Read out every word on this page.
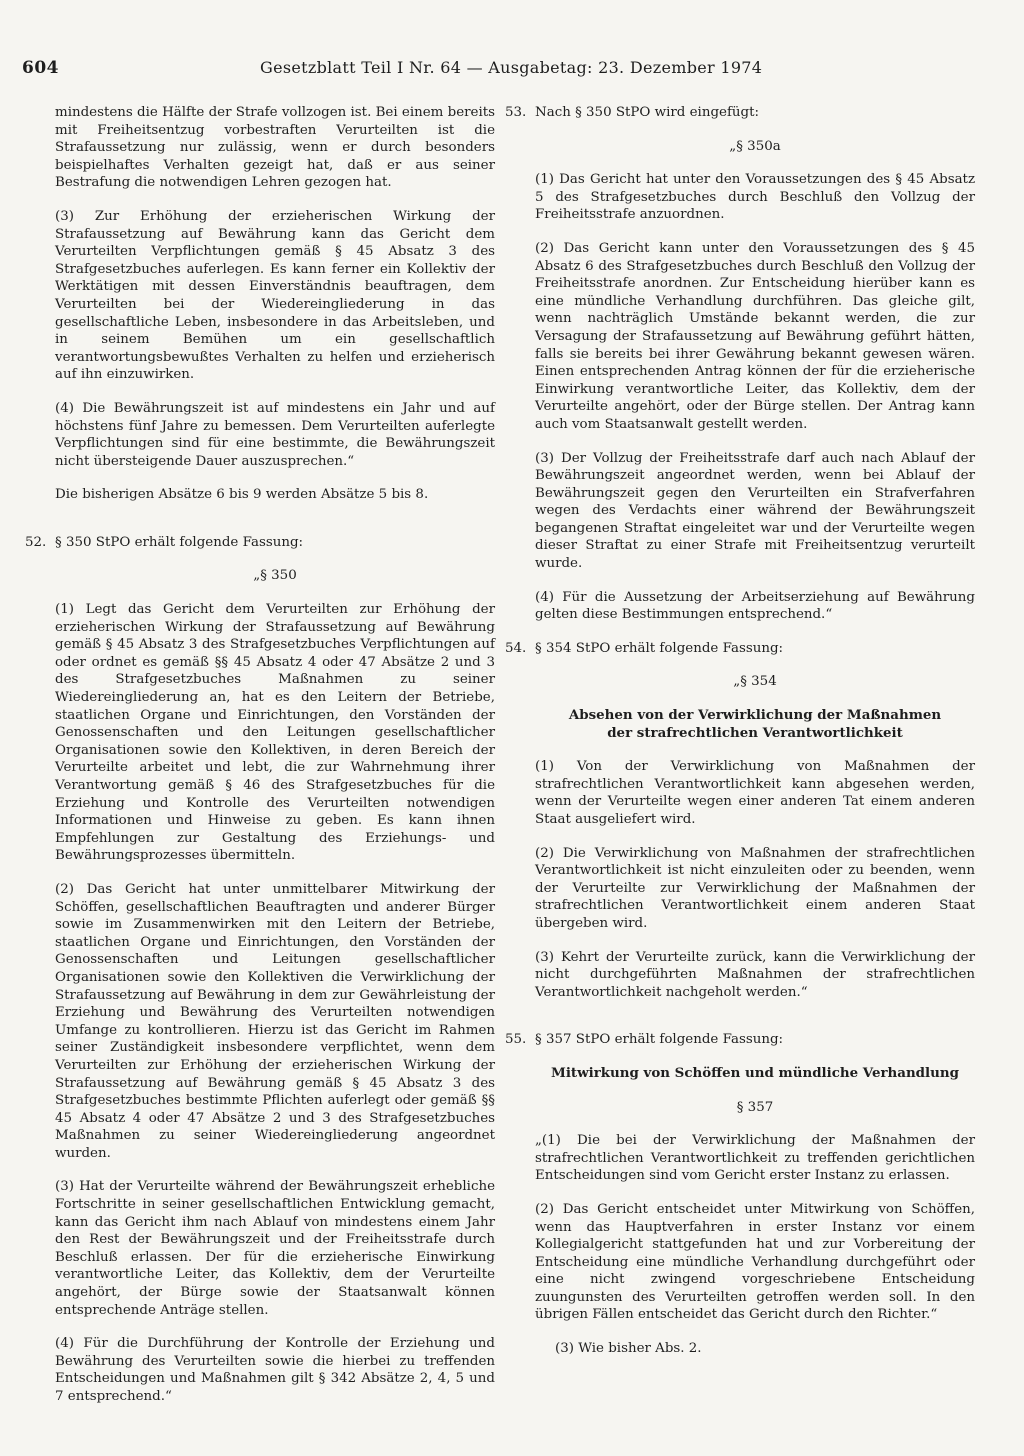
604	Gesetzblatt Teil I Nr. 64 — Ausgabetag: 23. Dezember 1974

mindestens die Hälfte der Strafe vollzogen ist. Bei einem bereits mit Freiheitsentzug vorbestraften Verurteilten ist die Strafaussetzung nur zulässig, wenn er durch besonders beispielhaftes Verhalten gezeigt hat, daß er aus seiner Bestrafung die notwendigen Lehren gezogen hat.

(3) Zur Erhöhung der erzieherischen Wirkung der Strafaussetzung auf Bewährung kann das Gericht dem Verurteilten Verpflichtungen gemäß § 45 Absatz 3 des Strafgesetzbuches auferlegen. Es kann ferner ein Kollektiv der Werktätigen mit dessen Einverständnis beauftragen, dem Verurteilten bei der Wiedereingliederung in das gesellschaftliche Leben, insbesondere in das Arbeitsleben, und in seinem Bemühen um ein gesellschaftlich verantwortungsbewußtes Verhalten zu helfen und erzieherisch auf ihn einzuwirken.

(4) Die Bewährungszeit ist auf mindestens ein Jahr und auf höchstens fünf Jahre zu bemessen. Dem Verurteilten auferlegte Verpflichtungen sind für eine bestimmte, die Bewährungszeit nicht übersteigende Dauer auszusprechen.“

Die bisherigen Absätze 6 bis 9 werden Absätze 5 bis 8.

52. § 350 StPO erhält folgende Fassung:

„§ 350

(1) Legt das Gericht dem Verurteilten zur Erhöhung der erzieherischen Wirkung der Strafaussetzung auf Bewährung gemäß § 45 Absatz 3 des Strafgesetzbuches Verpflichtungen auf oder ordnet es gemäß §§ 45 Absatz 4 oder 47 Absätze 2 und 3 des Strafgesetzbuches Maßnahmen zu seiner Wiedereingliederung an, hat es den Leitern der Betriebe, staatlichen Organe und Einrichtungen, den Vorständen der Genossenschaften und den Leitungen gesellschaftlicher Organisationen sowie den Kollektiven, in deren Bereich der Verurteilte arbeitet und lebt, die zur Wahrnehmung ihrer Verantwortung gemäß § 46 des Strafgesetzbuches für die Erziehung und Kontrolle des Verurteilten notwendigen Informationen und Hinweise zu geben. Es kann ihnen Empfehlungen zur Gestaltung des Erziehungs- und Bewährungsprozesses übermitteln.

(2) Das Gericht hat unter unmittelbarer Mitwirkung der Schöffen, gesellschaftlichen Beauftragten und anderer Bürger sowie im Zusammenwirken mit den Leitern der Betriebe, staatlichen Organe und Einrichtungen, den Vorständen der Genossenschaften und Leitungen gesellschaftlicher Organisationen sowie den Kollektiven die Verwirklichung der Strafaussetzung auf Bewährung in dem zur Gewährleistung der Erziehung und Bewährung des Verurteilten notwendigen Umfange zu kontrollieren. Hierzu ist das Gericht im Rahmen seiner Zuständigkeit insbesondere verpflichtet, wenn dem Verurteilten zur Erhöhung der erzieherischen Wirkung der Strafaussetzung auf Bewährung gemäß § 45 Absatz 3 des Strafgesetzbuches bestimmte Pflichten auferlegt oder gemäß §§ 45 Absatz 4 oder 47 Absätze 2 und 3 des Strafgesetzbuches Maßnahmen zu seiner Wiedereingliederung angeordnet wurden.

(3) Hat der Verurteilte während der Bewährungszeit erhebliche Fortschritte in seiner gesellschaftlichen Entwicklung gemacht, kann das Gericht ihm nach Ablauf von mindestens einem Jahr den Rest der Bewährungszeit und der Freiheitsstrafe durch Beschluß erlassen. Der für die erzieherische Einwirkung verantwortliche Leiter, das Kollektiv, dem der Verurteilte angehört, der Bürge sowie der Staatsanwalt können entsprechende Anträge stellen.

(4) Für die Durchführung der Kontrolle der Erziehung und Bewährung des Verurteilten sowie die hierbei zu treffenden Entscheidungen und Maßnahmen gilt § 342 Absätze 2, 4, 5 und 7 entsprechend.“

53. Nach § 350 StPO wird eingefügt:

„§ 350a

(1) Das Gericht hat unter den Voraussetzungen des § 45 Absatz 5 des Strafgesetzbuches durch Beschluß den Vollzug der Freiheitsstrafe anzuordnen.

(2) Das Gericht kann unter den Voraussetzungen des § 45 Absatz 6 des Strafgesetzbuches durch Beschluß den Vollzug der Freiheitsstrafe anordnen. Zur Entscheidung hierüber kann es eine mündliche Verhandlung durchführen. Das gleiche gilt, wenn nachträglich Umstände bekannt werden, die zur Versagung der Strafaussetzung auf Bewährung geführt hätten, falls sie bereits bei ihrer Gewährung bekannt gewesen wären. Einen entsprechenden Antrag können der für die erzieherische Einwirkung verantwortliche Leiter, das Kollektiv, dem der Verurteilte angehört, oder der Bürge stellen. Der Antrag kann auch vom Staatsanwalt gestellt werden.

(3) Der Vollzug der Freiheitsstrafe darf auch nach Ablauf der Bewährungszeit angeordnet werden, wenn bei Ablauf der Bewährungszeit gegen den Verurteilten ein Strafverfahren wegen des Verdachts einer während der Bewährungszeit begangenen Straftat eingeleitet war und der Verurteilte wegen dieser Straftat zu einer Strafe mit Freiheitsentzug verurteilt wurde.

(4) Für die Aussetzung der Arbeitserziehung auf Bewährung gelten diese Bestimmungen entsprechend.“

54. § 354 StPO erhält folgende Fassung:

„§ 354

Absehen von der Verwirklichung der Maßnahmen
der strafrechtlichen Verantwortlichkeit

(1) Von der Verwirklichung von Maßnahmen der strafrechtlichen Verantwortlichkeit kann abgesehen werden, wenn der Verurteilte wegen einer anderen Tat einem anderen Staat ausgeliefert wird.

(2) Die Verwirklichung von Maßnahmen der strafrechtlichen Verantwortlichkeit ist nicht einzuleiten oder zu beenden, wenn der Verurteilte zur Verwirklichung der Maßnahmen der strafrechtlichen Verantwortlichkeit einem anderen Staat übergeben wird.

(3) Kehrt der Verurteilte zurück, kann die Verwirklichung der nicht durchgeführten Maßnahmen der strafrechtlichen Verantwortlichkeit nachgeholt werden.“

55. § 357 StPO erhält folgende Fassung:

Mitwirkung von Schöffen und mündliche Verhandlung

§ 357

„(1) Die bei der Verwirklichung der Maßnahmen der strafrechtlichen Verantwortlichkeit zu treffenden gerichtlichen Entscheidungen sind vom Gericht erster Instanz zu erlassen.

(2) Das Gericht entscheidet unter Mitwirkung von Schöffen, wenn das Hauptverfahren in erster Instanz vor einem Kollegialgericht stattgefunden hat und zur Vorbereitung der Entscheidung eine mündliche Verhandlung durchgeführt oder eine nicht zwingend vorgeschriebene Entscheidung zuungunsten des Verurteilten getroffen werden soll. In den übrigen Fällen entscheidet das Gericht durch den Richter.“

(3) Wie bisher Abs. 2.
